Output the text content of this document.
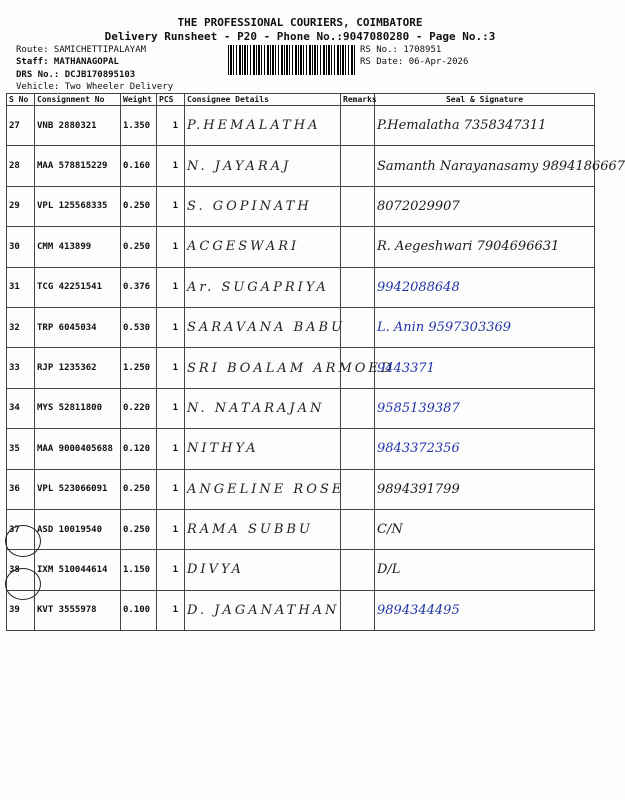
THE PROFESSIONAL COURIERS, COIMBATORE
Delivery Runsheet - P20 - Phone No.:9047080280 - Page No.:3
Route: SAMICHETTIPALAYAM
Staff: MATHANAGOPAL
DRS No.: DCJB170895103
Vehicle: Two Wheeler Delivery
RS No.: 1708951
RS Date: 06-Apr-2026
S No	Consignment No	Weight	PCS	Consignee Details	Remarks	Seal & Signature
27	VNB 2880321	1.350	1	P.HEMALATHA		P.Hemalatha 7358347311
28	MAA 578815229	0.160	1	N. JAYARAJ		Samanth Narayanasamy 9894186667
29	VPL 125568335	0.250	1	S. GOPINATH		8072029907
30	CMM 413899	0.250	1	ACGESWARI		R. Aegeshwari 7904696631
31	TCG 42251541	0.376	1	Ar. SUGAPRIYA		9942088648
32	TRP 6045034	0.530	1	SARAVANA BABU		L. Anin 9597303369
33	RJP 1235362	1.250	1	SRI BOALAM ARMOED		9443371
34	MYS 52811800	0.220	1	N. NATARAJAN		9585139387
35	MAA 9000405688	0.120	1	NITHYA		9843372356
36	VPL 523066091	0.250	1	ANGELINE ROSE		9894391799
37	ASD 10019540	0.250	1	RAMA SUBBU		C/N
38	IXM 510044614	1.150	1	DIVYA		D/L
39	KVT 3555978	0.100	1	D. JAGANATHAN		9894344495
